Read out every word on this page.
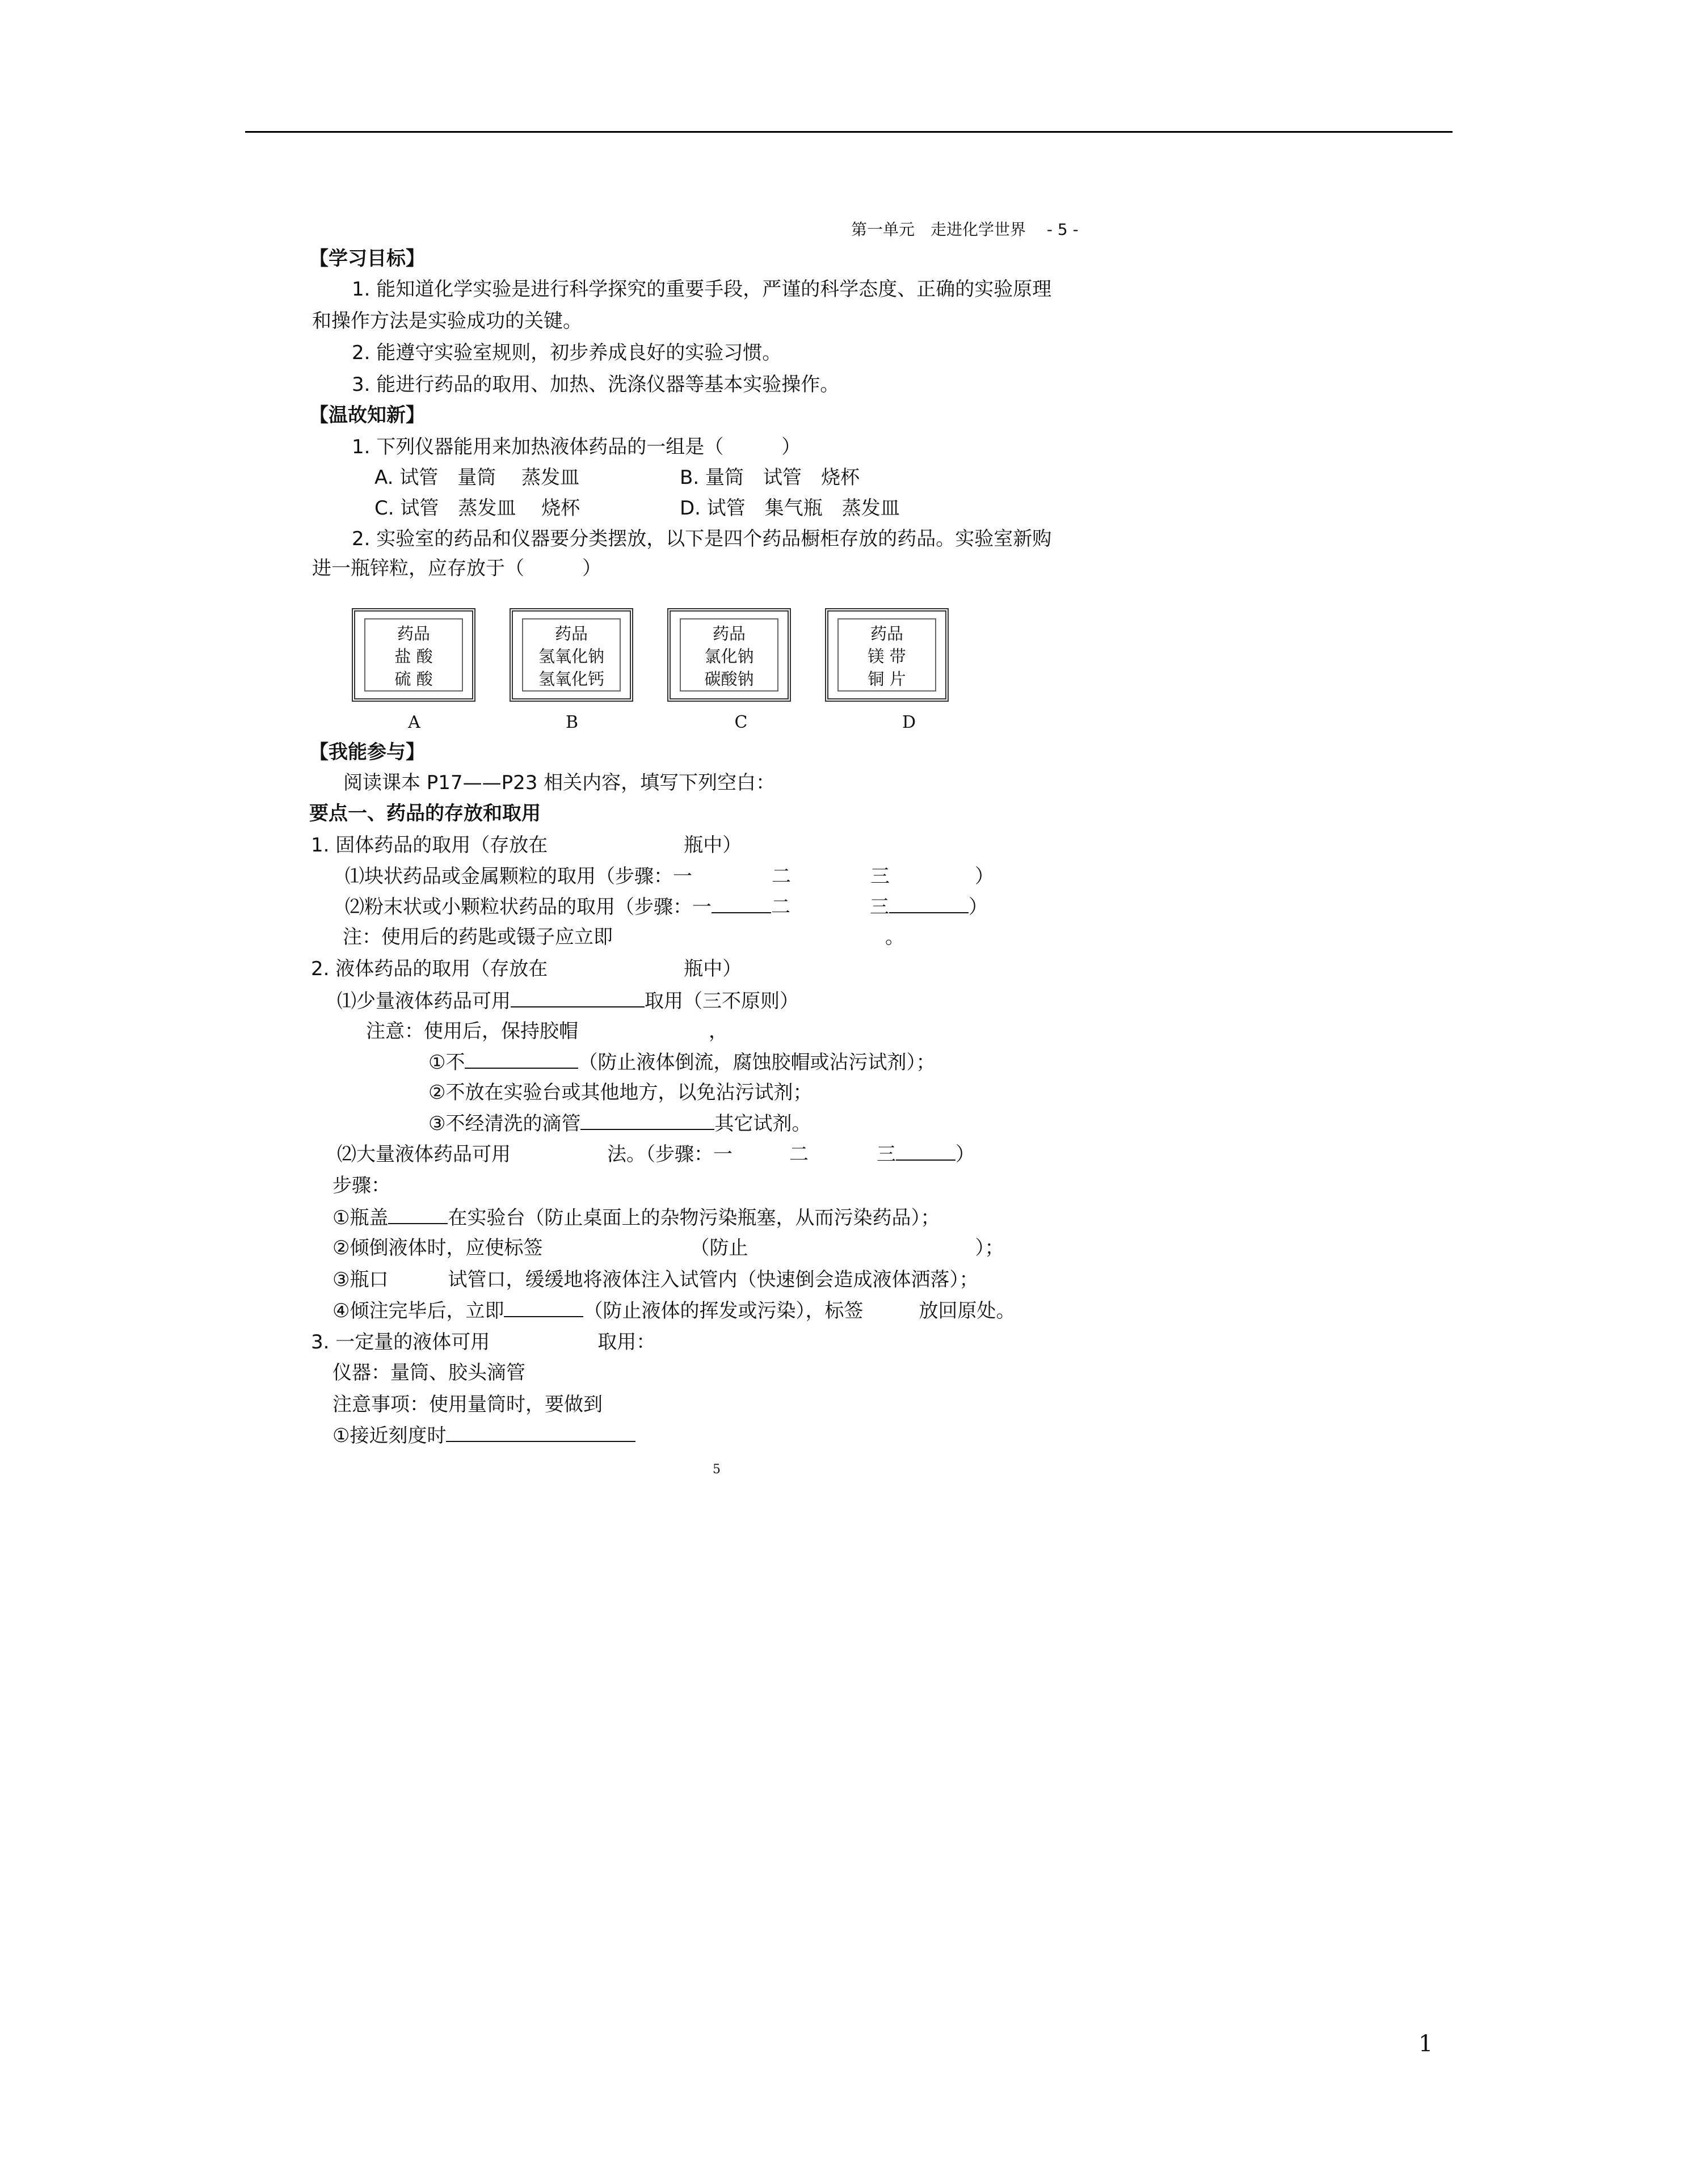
第一单元　走进化学世界 - 5 -
【学习目标】
1. 能知道化学实验是进行科学探究的重要手段，严谨的科学态度、正确的实验原理
和操作方法是实验成功的关键。
2. 能遵守实验室规则，初步养成良好的实验习惯。
3. 能进行药品的取用、加热、洗涤仪器等基本实验操作。
【温故知新】
1. 下列仪器能用来加热液体药品的一组是（　　　）
A. 试管　量筒　 蒸发皿	B. 量筒　试管　烧杯
C. 试管　蒸发皿　 烧杯	D. 试管　集气瓶　蒸发皿
2. 实验室的药品和仪器要分类摆放，以下是四个药品橱柜存放的药品。实验室新购
进一瓶锌粒，应存放于（　　　）
药品
盐 酸
硫 酸
药品
氢氧化钠
氢氧化钙
药品
氯化钠
碳酸钠
药品
镁 带
铜 片
A	B	C	D
【我能参与】
阅读课本 P17——P23 相关内容，填写下列空白：
要点一、药品的存放和取用
1. 固体药品的取用（存放在	瓶中）
⑴块状药品或金属颗粒的取用（步骤：一	二	三	）
⑵粉末状或小颗粒状药品的取用（步骤：一	二	三	）
注：使用后的药匙或镊子应立即	。
2. 液体药品的取用（存放在	瓶中）
⑴少量液体药品可用	取用（三不原则）
注意：使用后，保持胶帽	，
①不	（防止液体倒流，腐蚀胶帽或沾污试剂）；
②不放在实验台或其他地方，以免沾污试剂；
③不经清洗的滴管	其它试剂。
⑵大量液体药品可用	法。（步骤：一	二	三	）
步骤：
①瓶盖	在实验台（防止桌面上的杂物污染瓶塞，从而污染药品）；
②倾倒液体时，应使标签	（防止	）；
③瓶口	试管口，缓缓地将液体注入试管内（快速倒会造成液体洒落）；
④倾注完毕后，立即	（防止液体的挥发或污染），标签	放回原处。
3. 一定量的液体可用	取用：
仪器：量筒、胶头滴管
注意事项：使用量筒时，要做到
①接近刻度时
5
1
